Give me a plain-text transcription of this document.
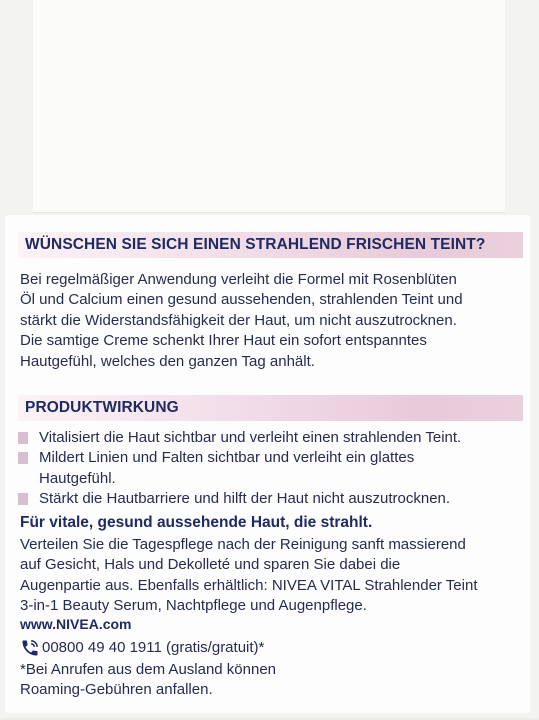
WÜNSCHEN SIE SICH EINEN STRAHLEND FRISCHEN TEINT?
Bei regelmäßiger Anwendung verleiht die Formel mit Rosenblüten
Öl und Calcium einen gesund aussehenden, strahlenden Teint und
stärkt die Widerstandsfähigkeit der Haut, um nicht auszutrocknen.
Die samtige Creme schenkt Ihrer Haut ein sofort entspanntes
Hautgefühl, welches den ganzen Tag anhält.
PRODUKTWIRKUNG
Vitalisiert die Haut sichtbar und verleiht einen strahlenden Teint.
Mildert Linien und Falten sichtbar und verleiht ein glattes
Hautgefühl.
Stärkt die Hautbarriere und hilft der Haut nicht auszutrocknen.
Für vitale, gesund aussehende Haut, die strahlt.
Verteilen Sie die Tagespflege nach der Reinigung sanft massierend
auf Gesicht, Hals und Dekolleté und sparen Sie dabei die
Augenpartie aus. Ebenfalls erhältlich: NIVEA VITAL Strahlender Teint
3-in-1 Beauty Serum, Nachtpflege und Augenpflege.
www.NIVEA.com
00800 49 40 1911 (gratis/gratuit)*
*Bei Anrufen aus dem Ausland können
Roaming-Gebühren anfallen.
